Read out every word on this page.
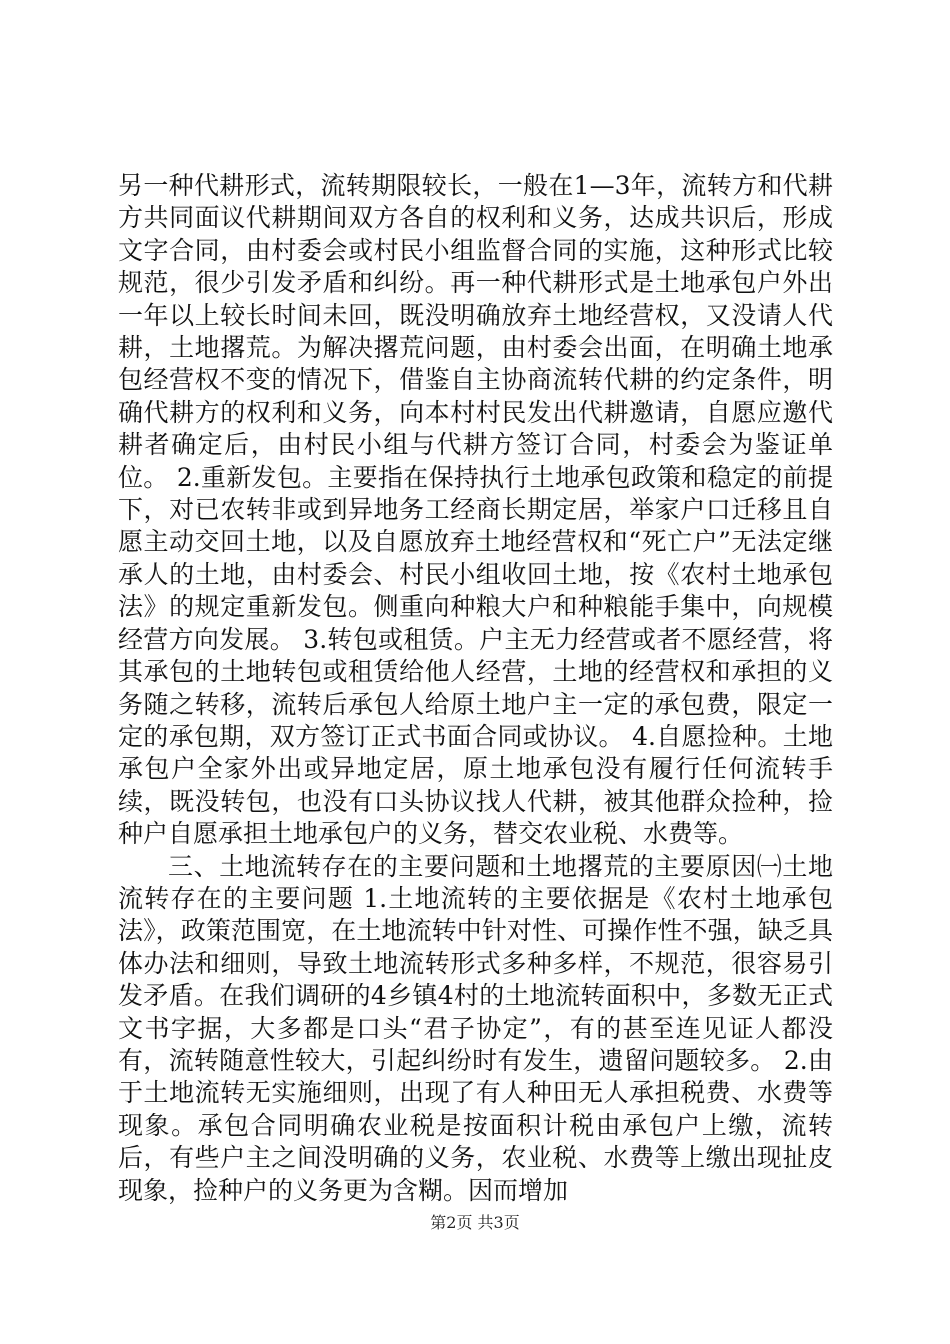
另一种代耕形式，流转期限较长，一般在1—3年，流转方和代耕方共同面议代耕期间双方各自的权利和义务，达成共识后，形成文字合同，由村委会或村民小组监督合同的实施，这种形式比较规范，很少引发矛盾和纠纷。再一种代耕形式是土地承包户外出一年以上较长时间未回，既没明确放弃土地经营权，又没请人代耕，土地撂荒。为解决撂荒问题，由村委会出面，在明确土地承包经营权不变的情况下，借鉴自主协商流转代耕的约定条件，明确代耕方的权利和义务，向本村村民发出代耕邀请，自愿应邀代耕者确定后，由村民小组与代耕方签订合同，村委会为鉴证单位。 2.重新发包。主要指在保持执行土地承包政策和稳定的前提下，对已农转非或到异地务工经商长期定居，举家户口迁移且自愿主动交回土地，以及自愿放弃土地经营权和“死亡户”无法定继承人的土地，由村委会、村民小组收回土地，按《农村土地承包法》的规定重新发包。侧重向种粮大户和种粮能手集中，向规模经营方向发展。 3.转包或租赁。户主无力经营或者不愿经营，将其承包的土地转包或租赁给他人经营，土地的经营权和承担的义务随之转移，流转后承包人给原土地户主一定的承包费，限定一定的承包期，双方签订正式书面合同或协议。 4.自愿捡种。土地承包户全家外出或异地定居，原土地承包没有履行任何流转手续，既没转包，也没有口头协议找人代耕，被其他群众捡种，捡种户自愿承担土地承包户的义务，替交农业税、水费等。

三、土地流转存在的主要问题和土地撂荒的主要原因㈠土地流转存在的主要问题 1.土地流转的主要依据是《农村土地承包法》，政策范围宽，在土地流转中针对性、可操作性不强，缺乏具体办法和细则，导致土地流转形式多种多样，不规范，很容易引发矛盾。在我们调研的4乡镇4村的土地流转面积中，多数无正式文书字据，大多都是口头“君子协定”，有的甚至连见证人都没有，流转随意性较大，引起纠纷时有发生，遗留问题较多。 2.由于土地流转无实施细则，出现了有人种田无人承担税费、水费等现象。承包合同明确农业税是按面积计税由承包户上缴，流转后，有些户主之间没明确的义务，农业税、水费等上缴出现扯皮现象，捡种户的义务更为含糊。因而增加

第2页 共3页
